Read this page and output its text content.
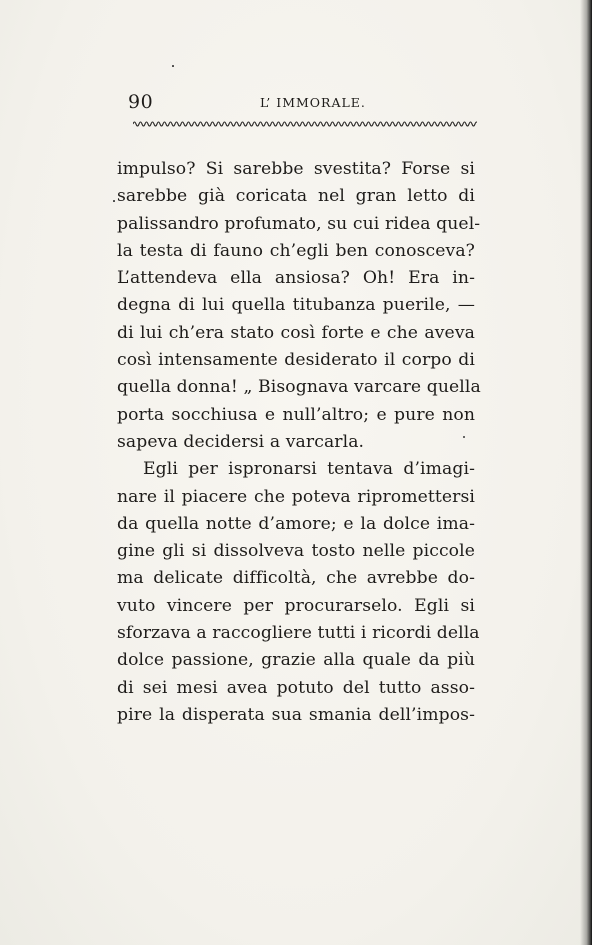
90	L’ IMMORALE.
impulso? Si sarebbe svestita? Forse si
sarebbe già coricata nel gran letto di
palissandro profumato, su cui ridea quel-
la testa di fauno ch’egli ben conosceva?
L’attendeva ella ansiosa? Oh! Era in-
degna di lui quella titubanza puerile, —
di lui ch’era stato così forte e che aveva
così intensamente desiderato il corpo di
quella donna! „ Bisognava varcare quella
porta socchiusa e null’altro; e pure non
sapeva decidersi a varcarla.
Egli per ispronarsi tentava d’imagi-
nare il piacere che poteva ripromettersi
da quella notte d’amore; e la dolce ima-
gine gli si dissolveva tosto nelle piccole
ma delicate difficoltà, che avrebbe do-
vuto vincere per procurarselo. Egli si
sforzava a raccogliere tutti i ricordi della
dolce passione, grazie alla quale da più
di sei mesi avea potuto del tutto asso-
pire la disperata sua smania dell’impos-
